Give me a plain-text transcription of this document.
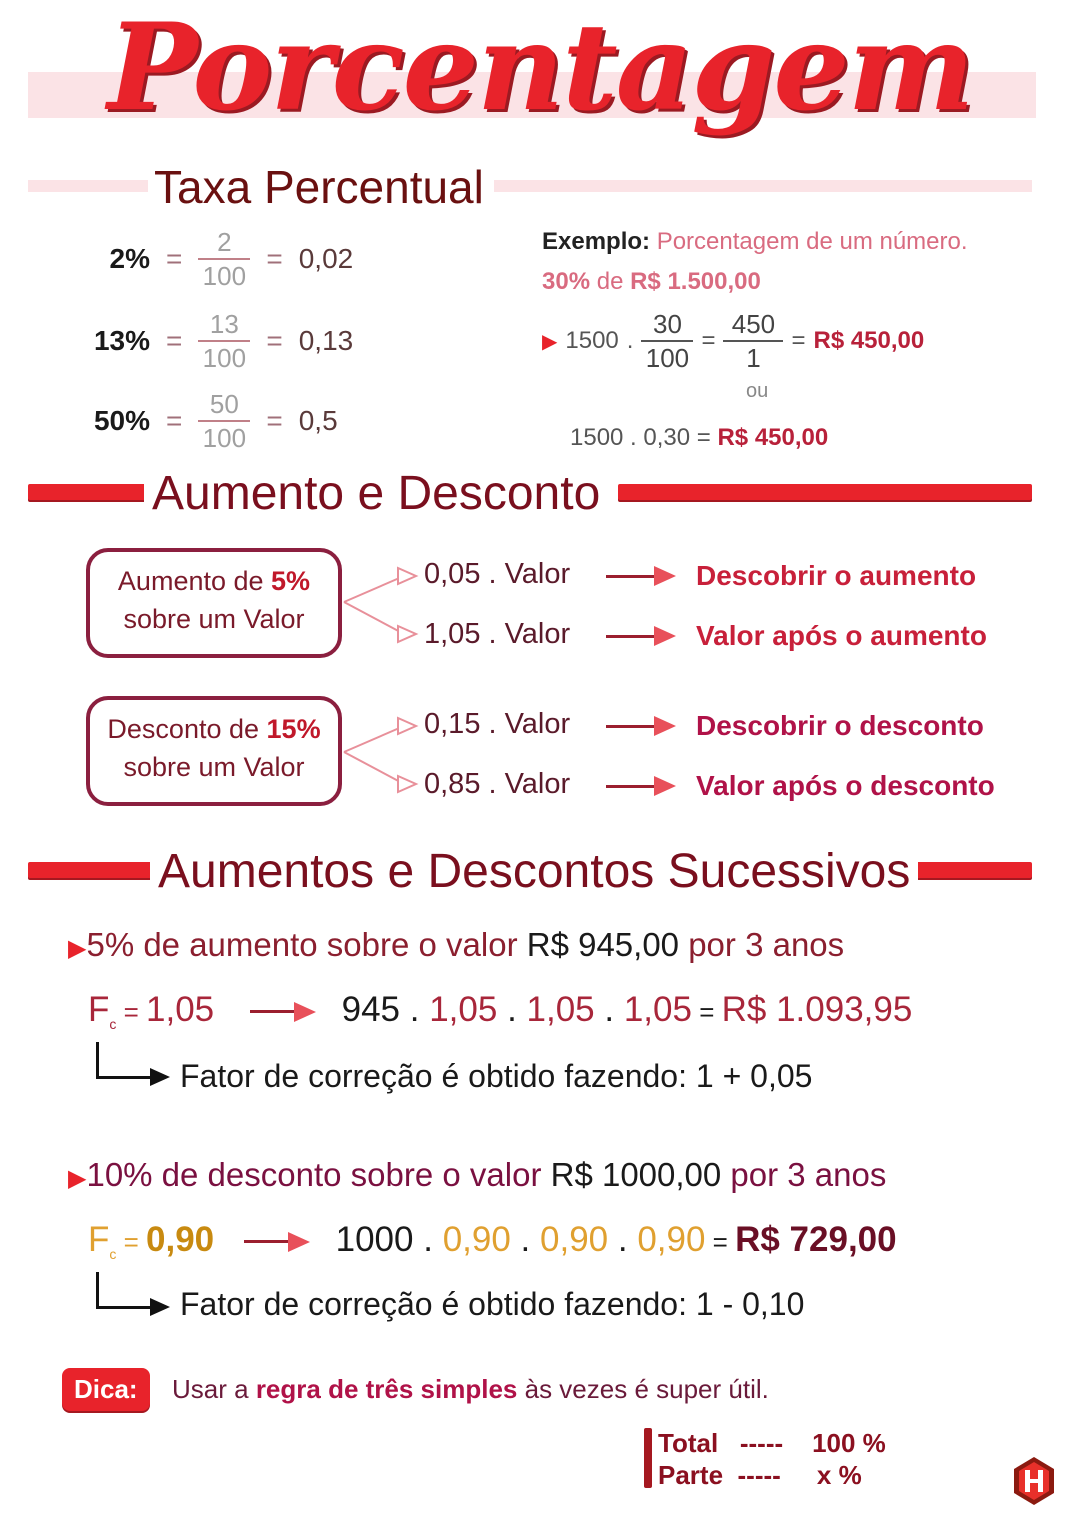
Porcentagem
Taxa Percentual
$2\% = \frac{2}{100} = 0,02$
$13\% = \frac{13}{100} = 0,13$
$50\% = \frac{50}{100} = 0,5$
Exemplo: Porcentagem de um número.
30% de R$ 1.500,00
▶ 1500 . $\frac{30}{100} = \frac{450}{1}$ = R$ 450,00
ou
1500 . 0,30 = R$ 450,00
Aumento e Desconto
Aumento de 5%
sobre um Valor
0,05 . Valor
1,05 . Valor
Descobrir o aumento
Valor após o aumento
Desconto de 15%
sobre um Valor
0,15 . Valor
0,85 . Valor
Descobrir o desconto
Valor após o desconto
Aumentos e Descontos Sucessivos
▶5% de aumento sobre o valor R$ 945,00 por 3 anos
$F_c = 1,05$	945 . 1,05 . 1,05 . 1,05 = R$ 1.093,95
Fator de correção é obtido fazendo: 1 + 0,05
▶10% de desconto sobre o valor R$ 1000,00 por 3 anos
$F_c = 0,90$	1000 . 0,90 . 0,90 . 0,90 = R$ 729,00
Fator de correção é obtido fazendo: 1 - 0,10
Dica:	Usar a regra de três simples às vezes é super útil.
Total ----- 100 %
Parte ----- x %
